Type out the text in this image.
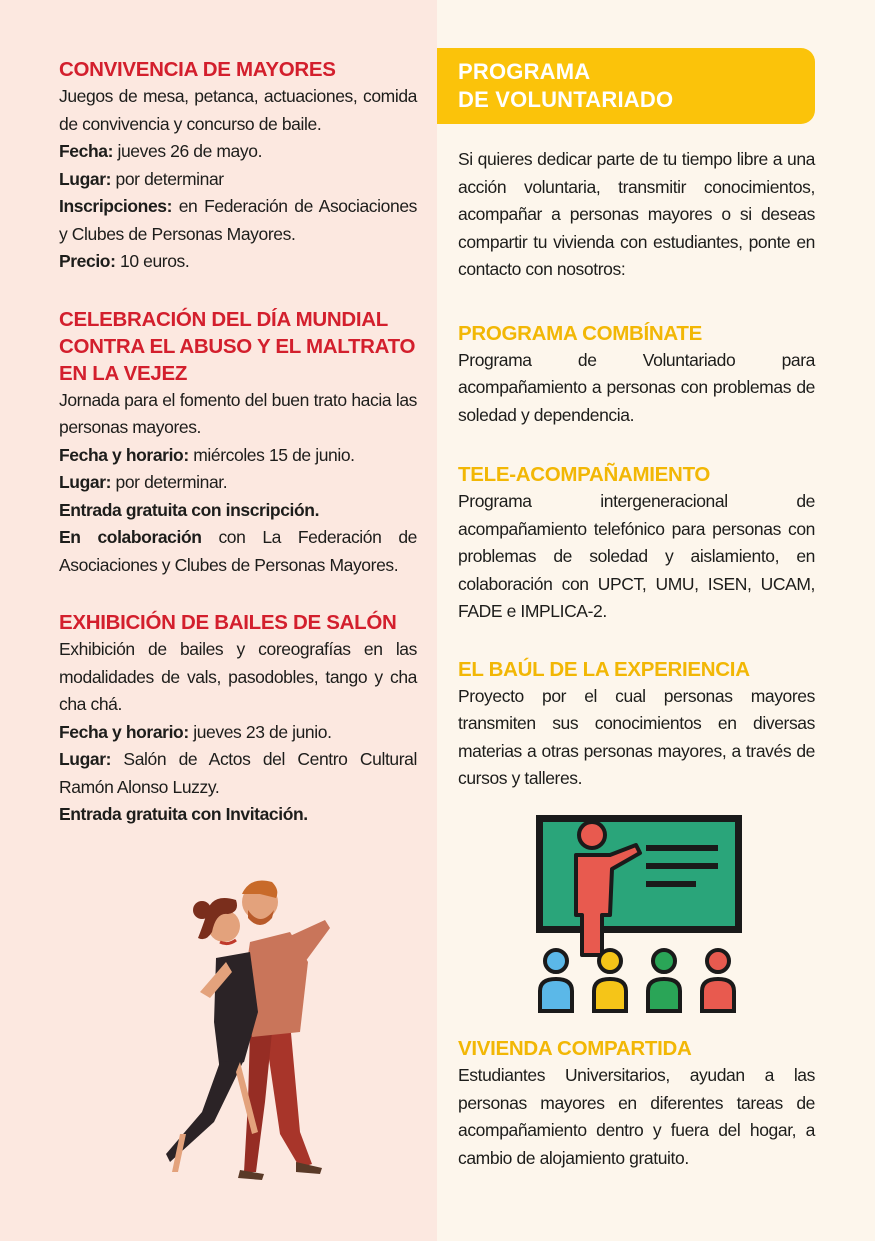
CONVIVENCIA DE MAYORES

Juegos de mesa, petanca, actuaciones, comida de convivencia y concurso de baile.

Fecha: jueves 26 de mayo.

Lugar: por determinar

Inscripciones: en Federación de Asociaciones y Clubes de Personas Mayores.

Precio: 10 euros.

CELEBRACIÓN DEL DÍA MUNDIAL CONTRA EL ABUSO Y EL MALTRATO EN LA VEJEZ

Jornada para el fomento del buen trato hacia las personas mayores.

Fecha y horario: miércoles 15 de junio.

Lugar: por determinar.

Entrada gratuita con inscripción.

En colaboración con La Federación de Asociaciones y Clubes de Personas Mayores.

EXHIBICIÓN DE BAILES DE SALÓN

Exhibición de bailes y coreografías en las modalidades de vals, pasodobles, tango y cha cha chá.

Fecha y horario: jueves 23 de junio.

Lugar: Salón de Actos del Centro Cultural Ramón Alonso Luzzy.

Entrada gratuita con Invitación.

PROGRAMA
DE VOLUNTARIADO

Si quieres dedicar parte de tu tiempo libre a una acción voluntaria, transmitir conocimientos, acompañar a personas mayores o si deseas compartir tu vivienda con estudiantes, ponte en contacto con nosotros:

PROGRAMA COMBÍNATE

Programa de Voluntariado para acompañamiento a personas con problemas de soledad y dependencia.

TELE-ACOMPAÑAMIENTO

Programa intergeneracional de acompañamiento telefónico para personas con problemas de soledad y aislamiento, en colaboración con UPCT, UMU, ISEN, UCAM, FADE e IMPLICA-2.

EL BAÚL DE LA EXPERIENCIA

Proyecto por el cual personas mayores transmiten sus conocimientos en diversas materias a otras personas mayores, a través de cursos y talleres.

VIVIENDA COMPARTIDA

Estudiantes Universitarios, ayudan a las personas mayores en diferentes tareas de acompañamiento dentro y fuera del hogar, a cambio de alojamiento gratuito.
